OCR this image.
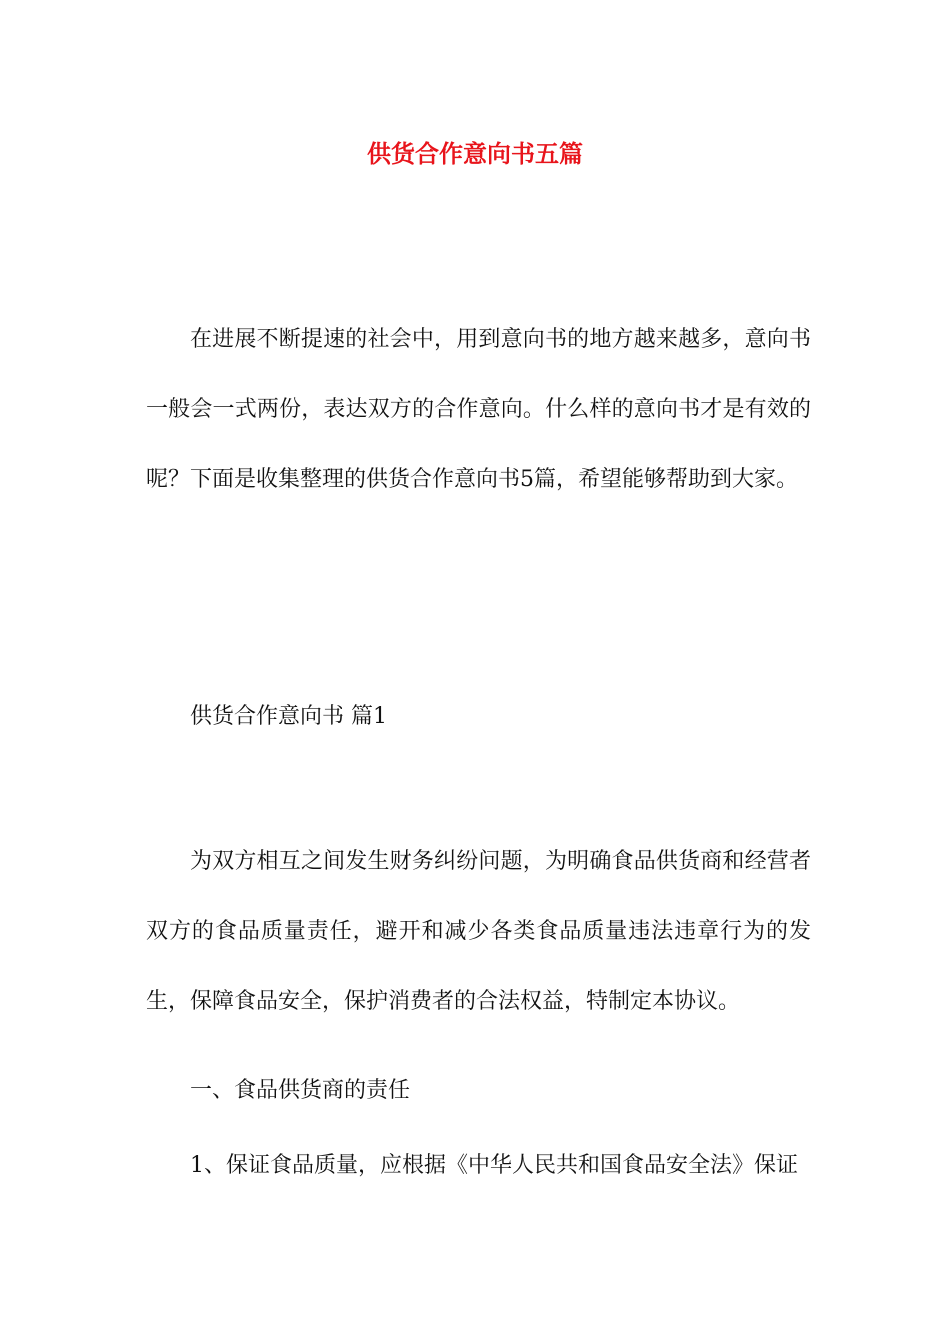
供货合作意向书五篇

在进展不断提速的社会中，用到意向书的地方越来越多，意向书一般会一式两份，表达双方的合作意向。什么样的意向书才是有效的呢？下面是收集整理的供货合作意向书5篇，希望能够帮助到大家。

供货合作意向书 篇1

为双方相互之间发生财务纠纷问题，为明确食品供货商和经营者双方的食品质量责任，避开和减少各类食品质量违法违章行为的发生，保障食品安全，保护消费者的合法权益，特制定本协议。

一、食品供货商的责任

1、保证食品质量，应根据《中华人民共和国食品安全法》保证
